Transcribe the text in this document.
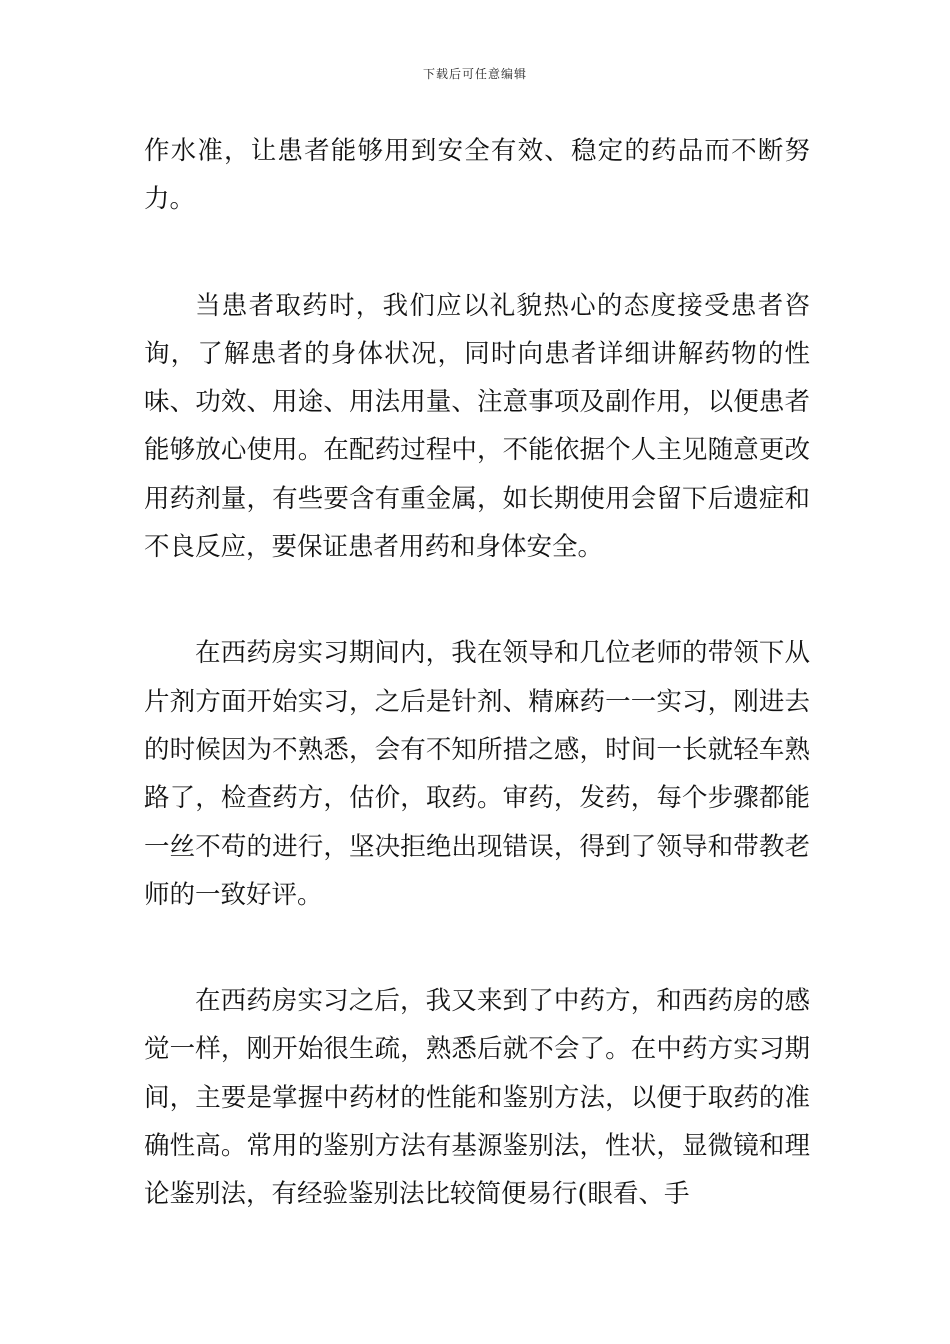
下载后可任意编辑

作水准，让患者能够用到安全有效、稳定的药品而不断努力。

当患者取药时，我们应以礼貌热心的态度接受患者咨询，了解患者的身体状况，同时向患者详细讲解药物的性味、功效、用途、用法用量、注意事项及副作用，以便患者能够放心使用。在配药过程中，不能依据个人主见随意更改用药剂量，有些要含有重金属，如长期使用会留下后遗症和不良反应，要保证患者用药和身体安全。

在西药房实习期间内，我在领导和几位老师的带领下从片剂方面开始实习，之后是针剂、精麻药一一实习，刚进去的时候因为不熟悉，会有不知所措之感，时间一长就轻车熟路了，检查药方，估价，取药。审药，发药，每个步骤都能一丝不苟的进行，坚决拒绝出现错误，得到了领导和带教老师的一致好评。

在西药房实习之后，我又来到了中药方，和西药房的感觉一样，刚开始很生疏，熟悉后就不会了。在中药方实习期间，主要是掌握中药材的性能和鉴别方法，以便于取药的准确性高。常用的鉴别方法有基源鉴别法，性状，显微镜和理论鉴别法，有经验鉴别法比较简便易行(眼看、手
